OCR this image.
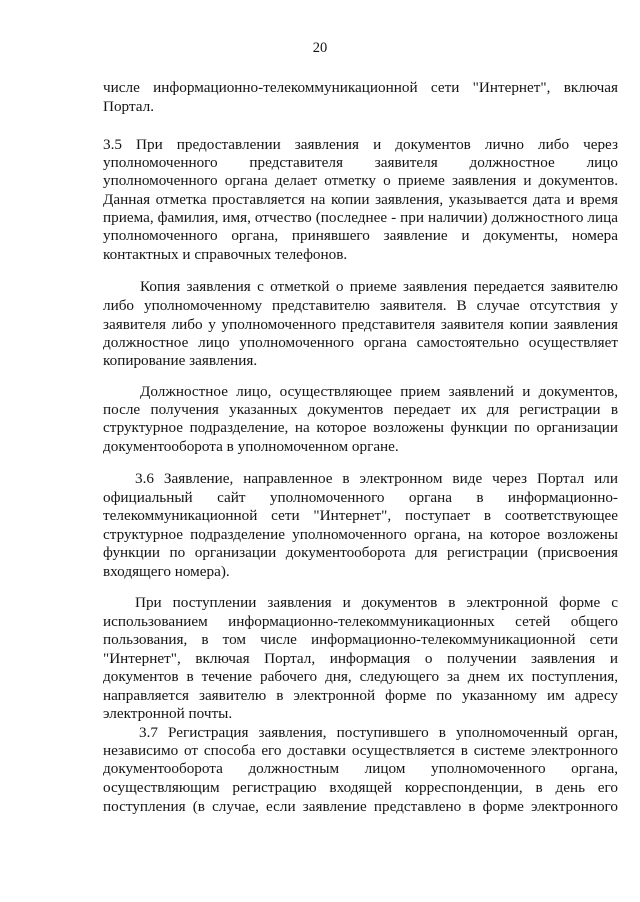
20
числе информационно-телекоммуникационной сети "Интернет", включая
Портал.
3.5 При предоставлении заявления и документов лично либо через
уполномоченного представителя заявителя должностное лицо
уполномоченного органа делает отметку о приеме заявления и документов.
Данная отметка проставляется на копии заявления, указывается дата и время
приема, фамилия, имя, отчество (последнее - при наличии) должностного лица
уполномоченного органа, принявшего заявление и документы, номера
контактных и справочных телефонов.
Копия заявления с отметкой о приеме заявления передается заявителю
либо уполномоченному представителю заявителя. В случае отсутствия у
заявителя либо у уполномоченного представителя заявителя копии заявления
должностное лицо уполномоченного органа самостоятельно осуществляет
копирование заявления.
Должностное лицо, осуществляющее прием заявлений и документов,
после получения указанных документов передает их для регистрации в
структурное подразделение, на которое возложены функции по организации
документооборота в уполномоченном органе.
3.6 Заявление, направленное в электронном виде через Портал или
официальный сайт уполномоченного органа в информационно-
телекоммуникационной сети "Интернет", поступает в соответствующее
структурное подразделение уполномоченного органа, на которое возложены
функции по организации документооборота для регистрации (присвоения
входящего номера).
При поступлении заявления и документов в электронной форме с
использованием информационно-телекоммуникационных сетей общего
пользования, в том числе информационно-телекоммуникационной сети
"Интернет", включая Портал, информация о получении заявления и
документов в течение рабочего дня, следующего за днем их поступления,
направляется заявителю в электронной форме по указанному им адресу
электронной почты.
3.7 Регистрация заявления, поступившего в уполномоченный орган,
независимо от способа его доставки осуществляется в системе электронного
документооборота должностным лицом уполномоченного органа,
осуществляющим регистрацию входящей корреспонденции, в день его
поступления (в случае, если заявление представлено в форме электронного
